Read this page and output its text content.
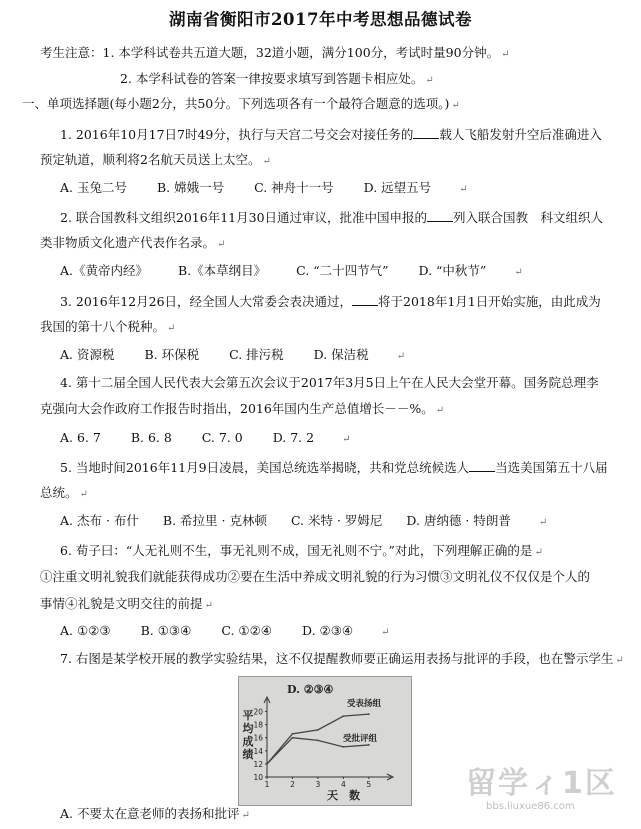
湖南省衡阳市2017年中考思想品德试卷
考生注意：1. 本学科试卷共五道大题，32道小题，满分100分，考试时量90分钟。 ↵
2. 本学科试卷的答案一律按要求填写到答题卡相应处。 ↵
一、单项选择题(每小题2分，共50分。下列选项各有一个最符合题意的选项。) ↵
1. 2016年10月17日7时49分，执行与天宫二号交会对接任务的 载人飞船发射升空后准确进入
预定轨道，顺利将2名航天员送上太空。 ↵
A. 玉兔二号 B. 嫦娥一号 C. 神舟十一号 D. 远望五号	↵
2. 联合国教科文组织2016年11月30日通过审议，批准中国申报的 列入联合国教　科文组织人
类非物质文化遗产代表作名录。 ↵
A.《黄帝内经》 B.《本草纲目》 C. “二十四节气” D. “中秋节”	↵
3. 2016年12月26日，经全国人大常委会表决通过， 将于2018年1月1日开始实施，由此成为
我国的第十八个税种。 ↵
A. 资源税 B. 环保税 C. 排污税 D. 保洁税	↵
4. 第十二届全国人民代表大会第五次会议于2017年3月5日上午在人民大会堂开幕。国务院总理李
克强向大会作政府工作报告时指出，2016年国内生产总值增长－－%。 ↵
A. 6. 7 B. 6. 8 C. 7. 0 D. 7. 2	↵
5. 当地时间2016年11月9日凌晨，美国总统选举揭晓，共和党总统候选人 当选美国第五十八届
总统。 ↵
A. 杰布 · 布什 B. 希拉里 · 克林顿 C. 米特 · 罗姆尼 D. 唐纳德 · 特朗普	↵
6. 荀子曰：“人无礼则不生，事无礼则不成，国无礼则不宁。”对此，下列理解正确的是 ↵
①注重文明礼貌我们就能获得成功②要在生活中养成文明礼貌的行为习惯③文明礼仪不仅仅是个人的
事情④礼貌是文明交往的前提 ↵
A. ①②③ B. ①③④ C. ①②④ D. ②③④	↵
7. 右图是某学校开展的教学实验结果，这不仅提醒教师要正确运用表扬与批评的手段，也在警示学生 ↵
D. ②③④
平
均
成
绩
10
12
14
16
18
20
1	2	3	4	5
受表扬组
受批评组
天　数
A. 不要太在意老师的表扬和批评 ↵
留学ィ1区
bbs.liuxue86.com
